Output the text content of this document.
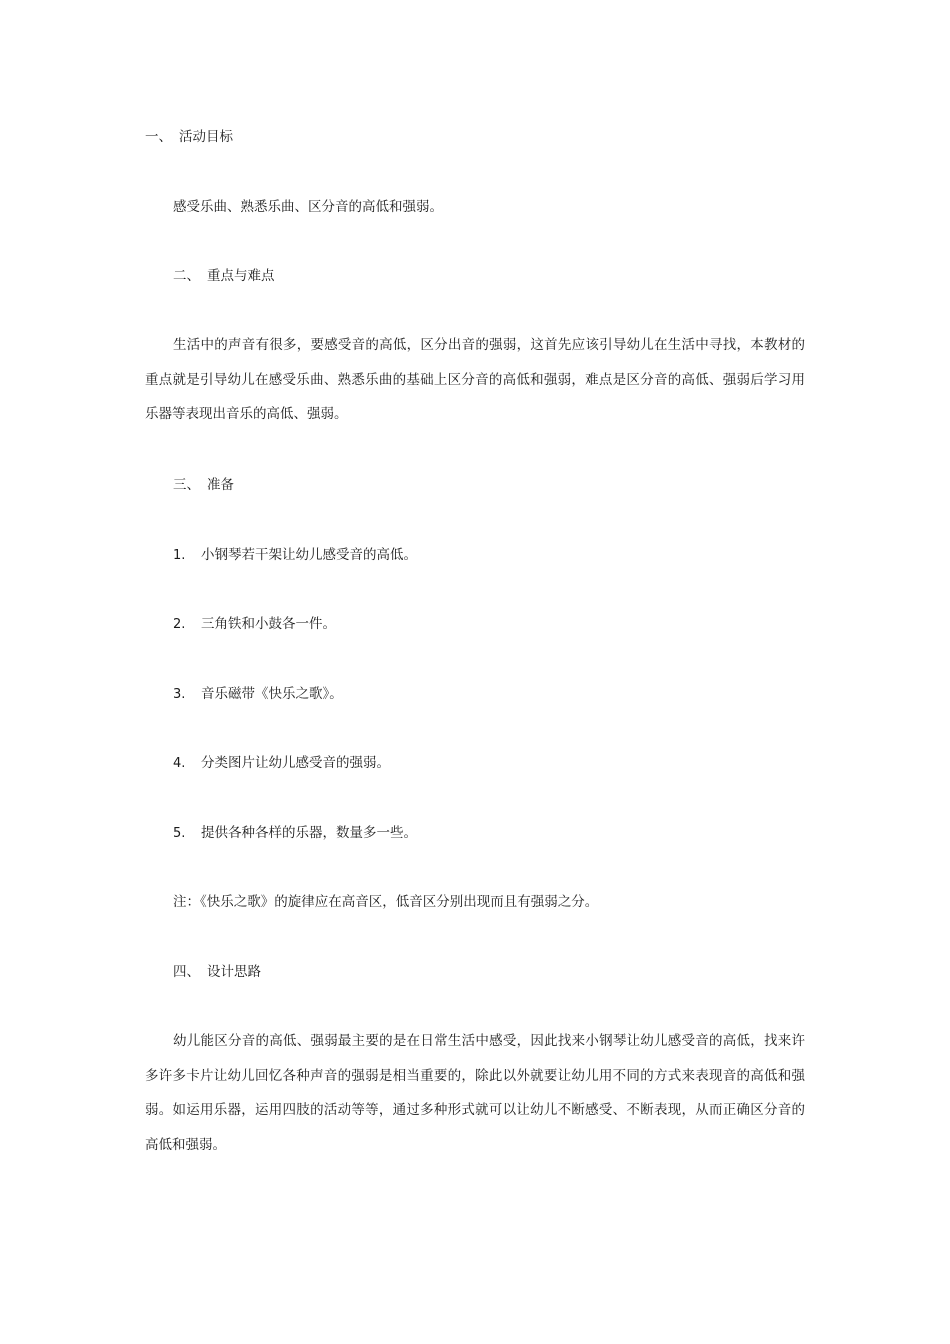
一、 活动目标
感受乐曲、熟悉乐曲、区分音的高低和强弱。
二、 重点与难点

生活中的声音有很多，要感受音的高低，区分出音的强弱，这首先应该引导幼儿在生活中寻找，本教材的重点就是引导幼儿在感受乐曲、熟悉乐曲的基础上区分音的高低和强弱，难点是区分音的高低、强弱后学习用乐器等表现出音乐的高低、强弱。

三、 准备
1. 小钢琴若干架让幼儿感受音的高低。
2. 三角铁和小鼓各一件。
3. 音乐磁带《快乐之歌》。
4. 分类图片让幼儿感受音的强弱。
5. 提供各种各样的乐器，数量多一些。
注：《快乐之歌》的旋律应在高音区，低音区分别出现而且有强弱之分。
四、 设计思路

幼儿能区分音的高低、强弱最主要的是在日常生活中感受，因此找来小钢琴让幼儿感受音的高低，找来许多许多卡片让幼儿回忆各种声音的强弱是相当重要的，除此以外就要让幼儿用不同的方式来表现音的高低和强弱。如运用乐器，运用四肢的活动等等，通过多种形式就可以让幼儿不断感受、不断表现，从而正确区分音的高低和强弱。
